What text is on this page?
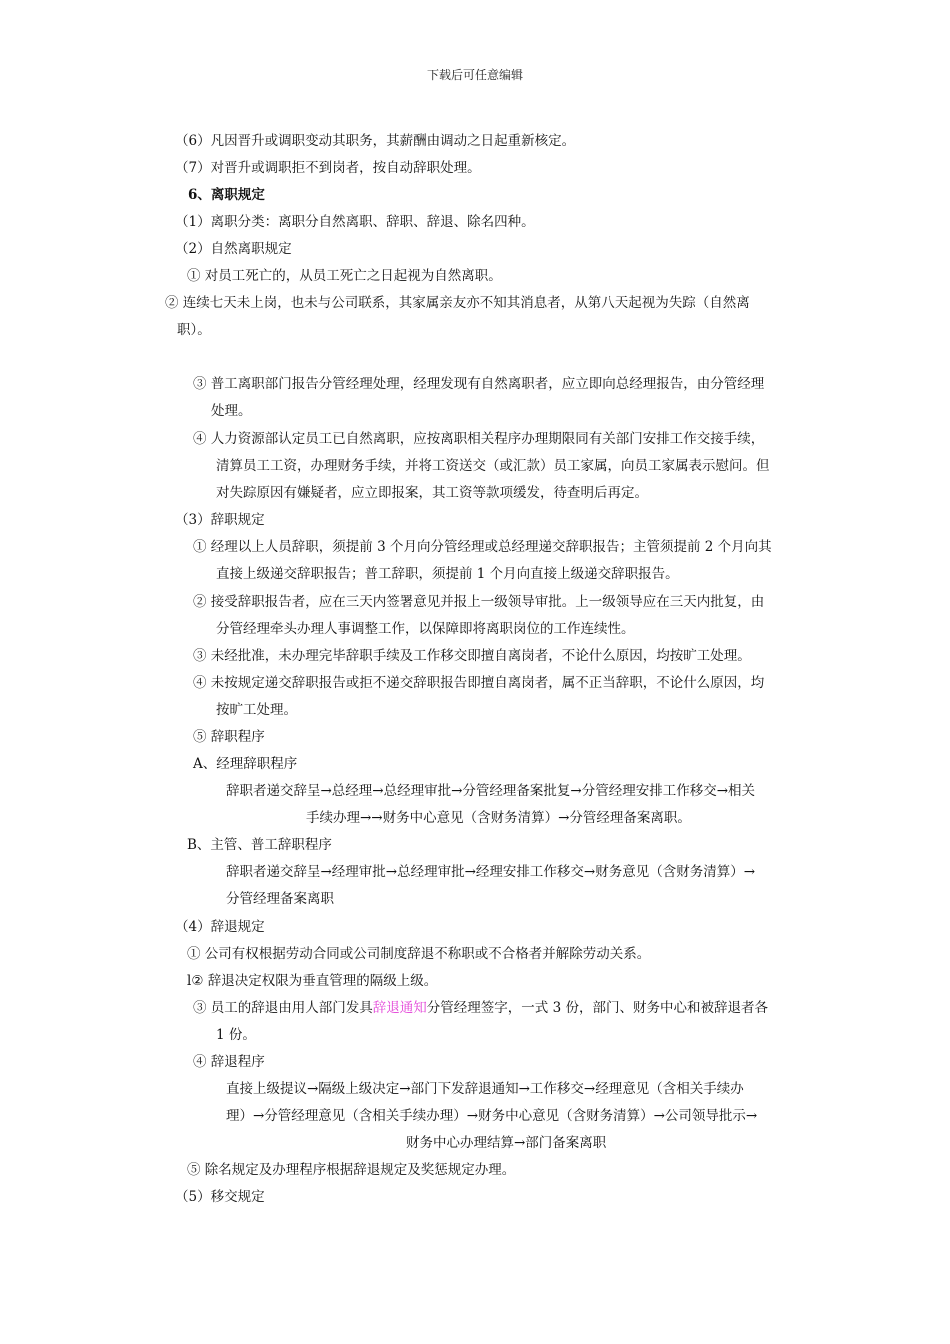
下载后可任意编辑
（6）凡因晋升或调职变动其职务，其薪酬由调动之日起重新核定。
（7）对晋升或调职拒不到岗者，按自动辞职处理。
6、离职规定
（1）离职分类：离职分自然离职、辞职、辞退、除名四种。
（2）自然离职规定
① 对员工死亡的，从员工死亡之日起视为自然离职。
② 连续七天未上岗，也未与公司联系，其家属亲友亦不知其消息者，从第八天起视为失踪（自然离
职）。
③ 普工离职部门报告分管经理处理，经理发现有自然离职者，应立即向总经理报告，由分管经理
处理。
④ 人力资源部认定员工已自然离职，应按离职相关程序办理期限同有关部门安排工作交接手续，
清算员工工资，办理财务手续，并将工资送交（或汇款）员工家属，向员工家属表示慰问。但
对失踪原因有嫌疑者，应立即报案，其工资等款项缓发，待查明后再定。
（3）辞职规定
① 经理以上人员辞职，须提前 3 个月向分管经理或总经理递交辞职报告；主管须提前 2 个月向其
直接上级递交辞职报告；普工辞职，须提前 1 个月向直接上级递交辞职报告。
② 接受辞职报告者，应在三天内签署意见并报上一级领导审批。上一级领导应在三天内批复，由
分管经理牵头办理人事调整工作，以保障即将离职岗位的工作连续性。
③ 未经批准，未办理完毕辞职手续及工作移交即擅自离岗者，不论什么原因，均按旷工处理。
④ 未按规定递交辞职报告或拒不递交辞职报告即擅自离岗者，属不正当辞职，不论什么原因，均
按旷工处理。
⑤ 辞职程序
A、经理辞职程序
辞职者递交辞呈→总经理→总经理审批→分管经理备案批复→分管经理安排工作移交→相关
手续办理→→财务中心意见（含财务清算）→分管经理备案离职。
B、主管、普工辞职程序
辞职者递交辞呈→经理审批→总经理审批→经理安排工作移交→财务意见（含财务清算）→
分管经理备案离职
（4）辞退规定
① 公司有权根据劳动合同或公司制度辞退不称职或不合格者并解除劳动关系。
l② 辞退决定权限为垂直管理的隔级上级。
③ 员工的辞退由用人部门发具辞退通知分管经理签字，一式 3 份，部门、财务中心和被辞退者各
1 份。
④ 辞退程序
直接上级提议→隔级上级决定→部门下发辞退通知→工作移交→经理意见（含相关手续办
理）→分管经理意见（含相关手续办理）→财务中心意见（含财务清算）→公司领导批示→
财务中心办理结算→部门备案离职
⑤ 除名规定及办理程序根据辞退规定及奖惩规定办理。
（5）移交规定
